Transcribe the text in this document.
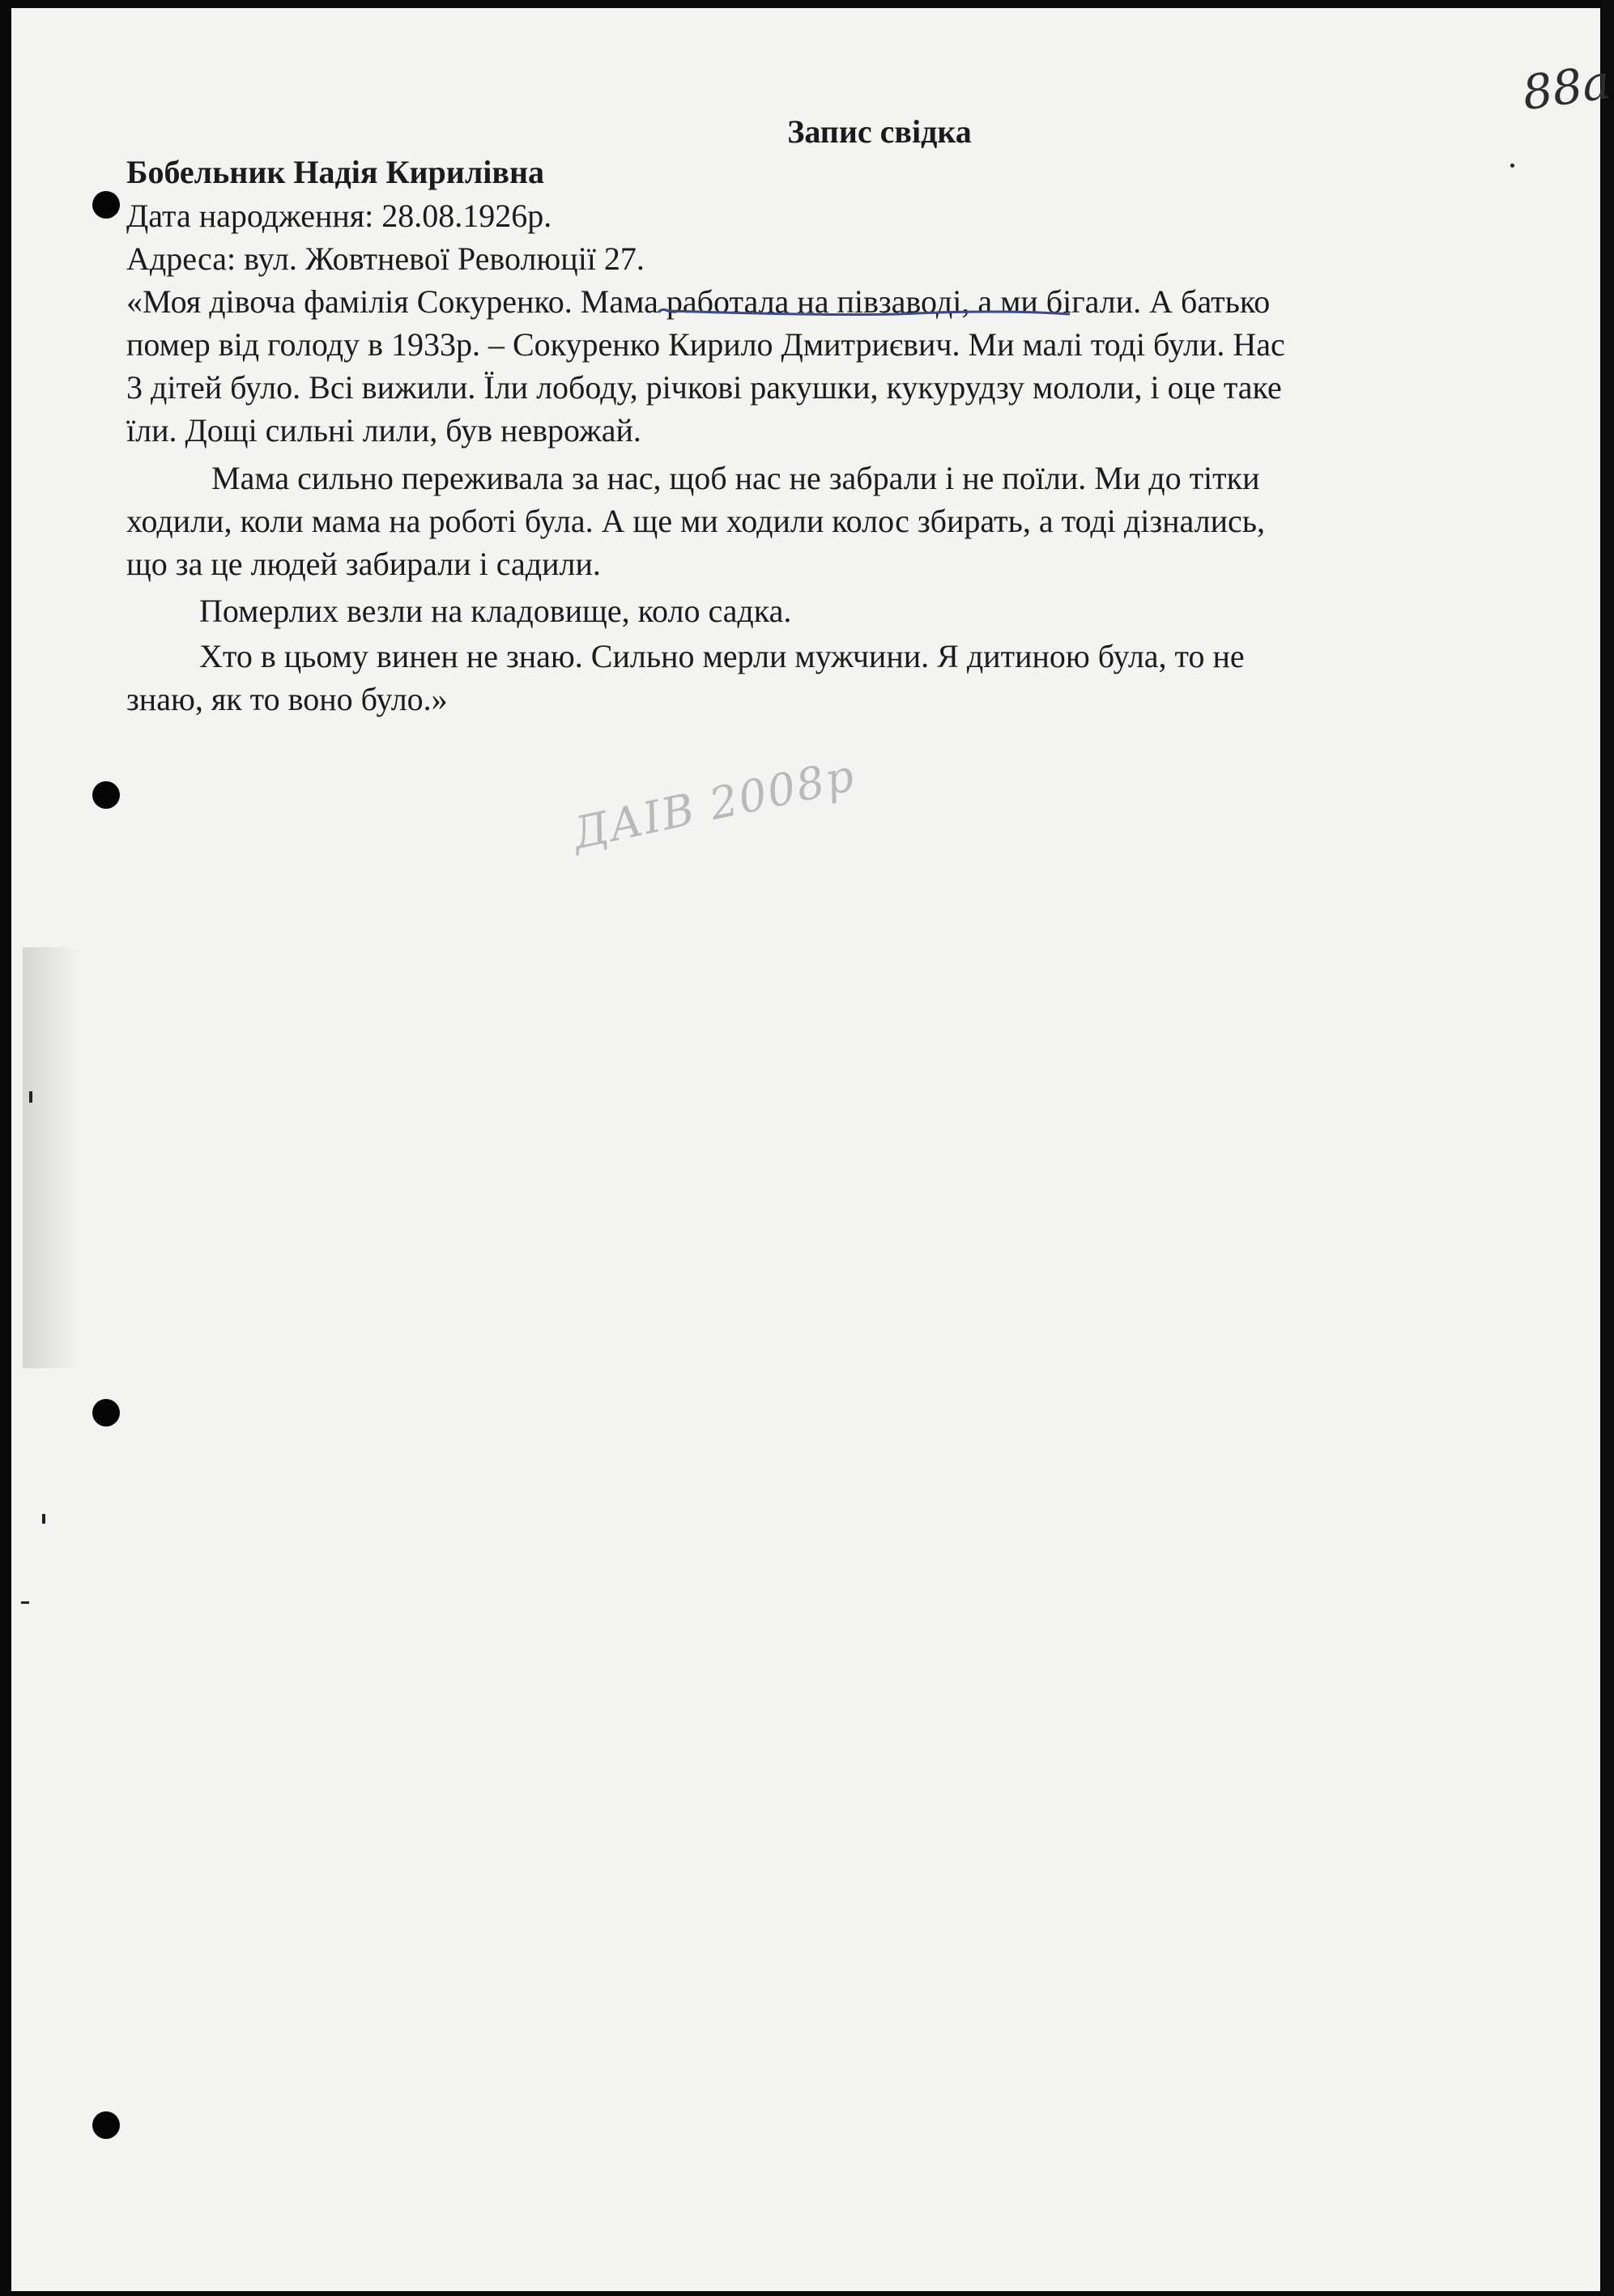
88a
Запис свідка
Бобельник Надія Кирилівна
Дата народження: 28.08.1926р.
Адреса: вул. Жовтневої Революції 27.
«Моя дівоча фамілія Сокуренко. Мама работала на півзаводі, а ми бігали. А батько
помер від голоду в 1933р. – Сокуренко Кирило Дмитриєвич. Ми малі тоді були. Нас
3 дітей було. Всі вижили. Їли лободу, річкові ракушки, кукурудзу мололи, і оце таке
їли. Дощі сильні лили, був неврожай.
Мама сильно переживала за нас, щоб нас не забрали і не поїли. Ми до тітки
ходили, коли мама на роботі була. А ще ми ходили колос збирать, а тоді дізнались,
що за це людей забирали і садили.
Померлих везли на кладовище, коло садка.
Хто в цьому винен не знаю. Сильно мерли мужчини. Я дитиною була, то не
знаю, як то воно було.»
ДАІВ 2008р
